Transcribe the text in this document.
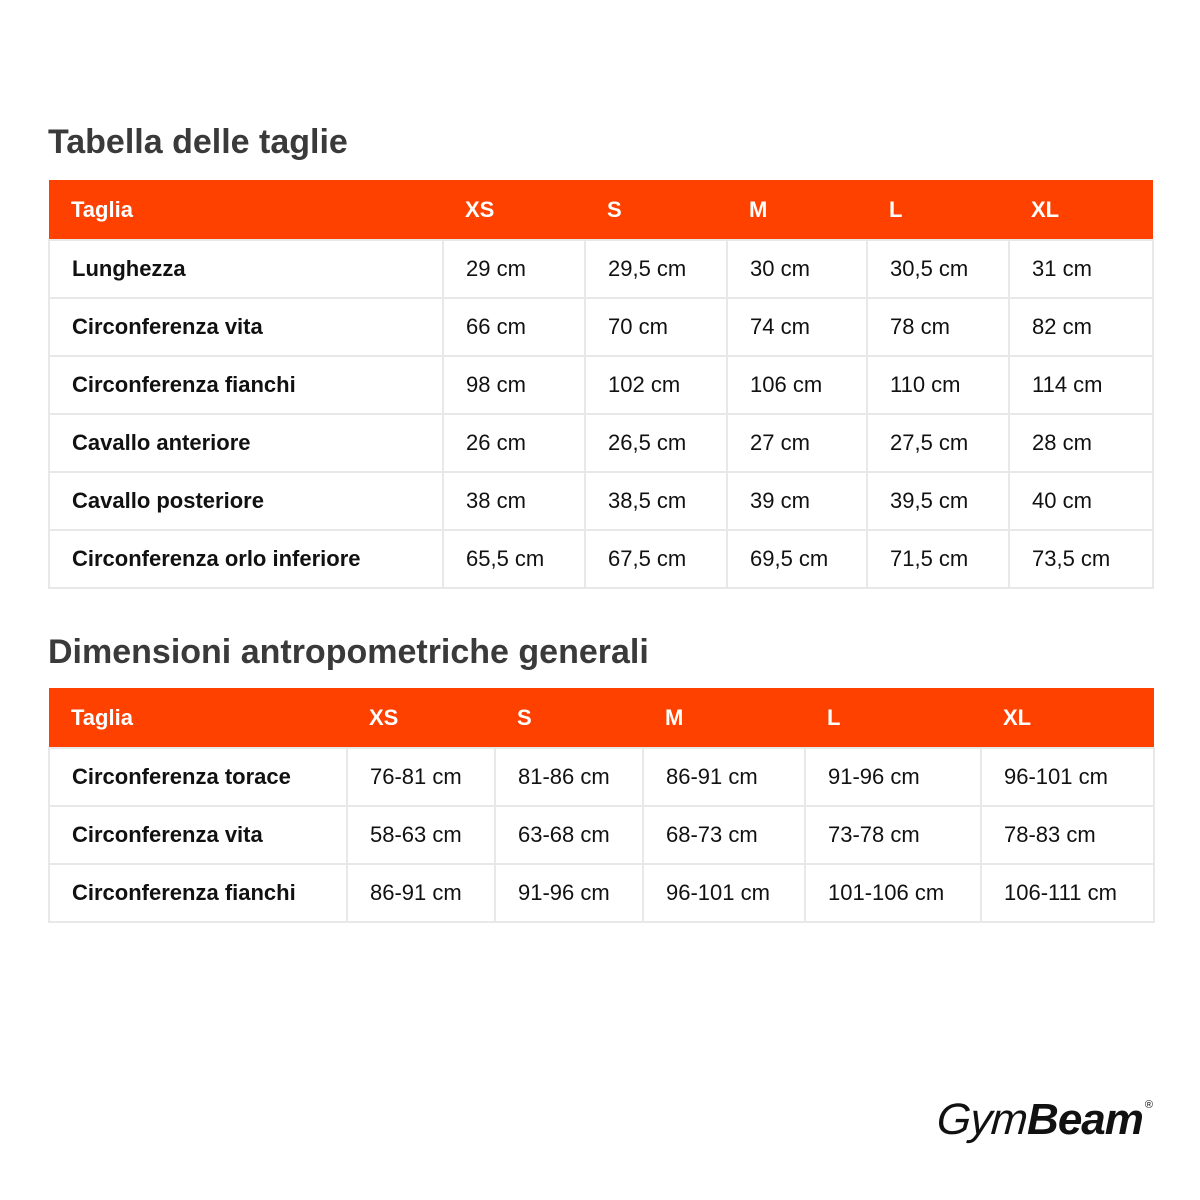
Tabella delle taglie
Taglia	XS	S	M	L	XL
Lunghezza	29 cm	29,5 cm	30 cm	30,5 cm	31 cm
Circonferenza vita	66 cm	70 cm	74 cm	78 cm	82 cm
Circonferenza fianchi	98 cm	102 cm	106 cm	110 cm	114 cm
Cavallo anteriore	26 cm	26,5 cm	27 cm	27,5 cm	28 cm
Cavallo posteriore	38 cm	38,5 cm	39 cm	39,5 cm	40 cm
Circonferenza orlo inferiore	65,5 cm	67,5 cm	69,5 cm	71,5 cm	73,5 cm
Dimensioni antropometriche generali
Taglia	XS	S	M	L	XL
Circonferenza torace	76-81 cm	81-86 cm	86-91 cm	91-96 cm	96-101 cm
Circonferenza vita	58-63 cm	63-68 cm	68-73 cm	73-78 cm	78-83 cm
Circonferenza fianchi	86-91 cm	91-96 cm	96-101 cm	101-106 cm	106-111 cm
GymBeam ®
